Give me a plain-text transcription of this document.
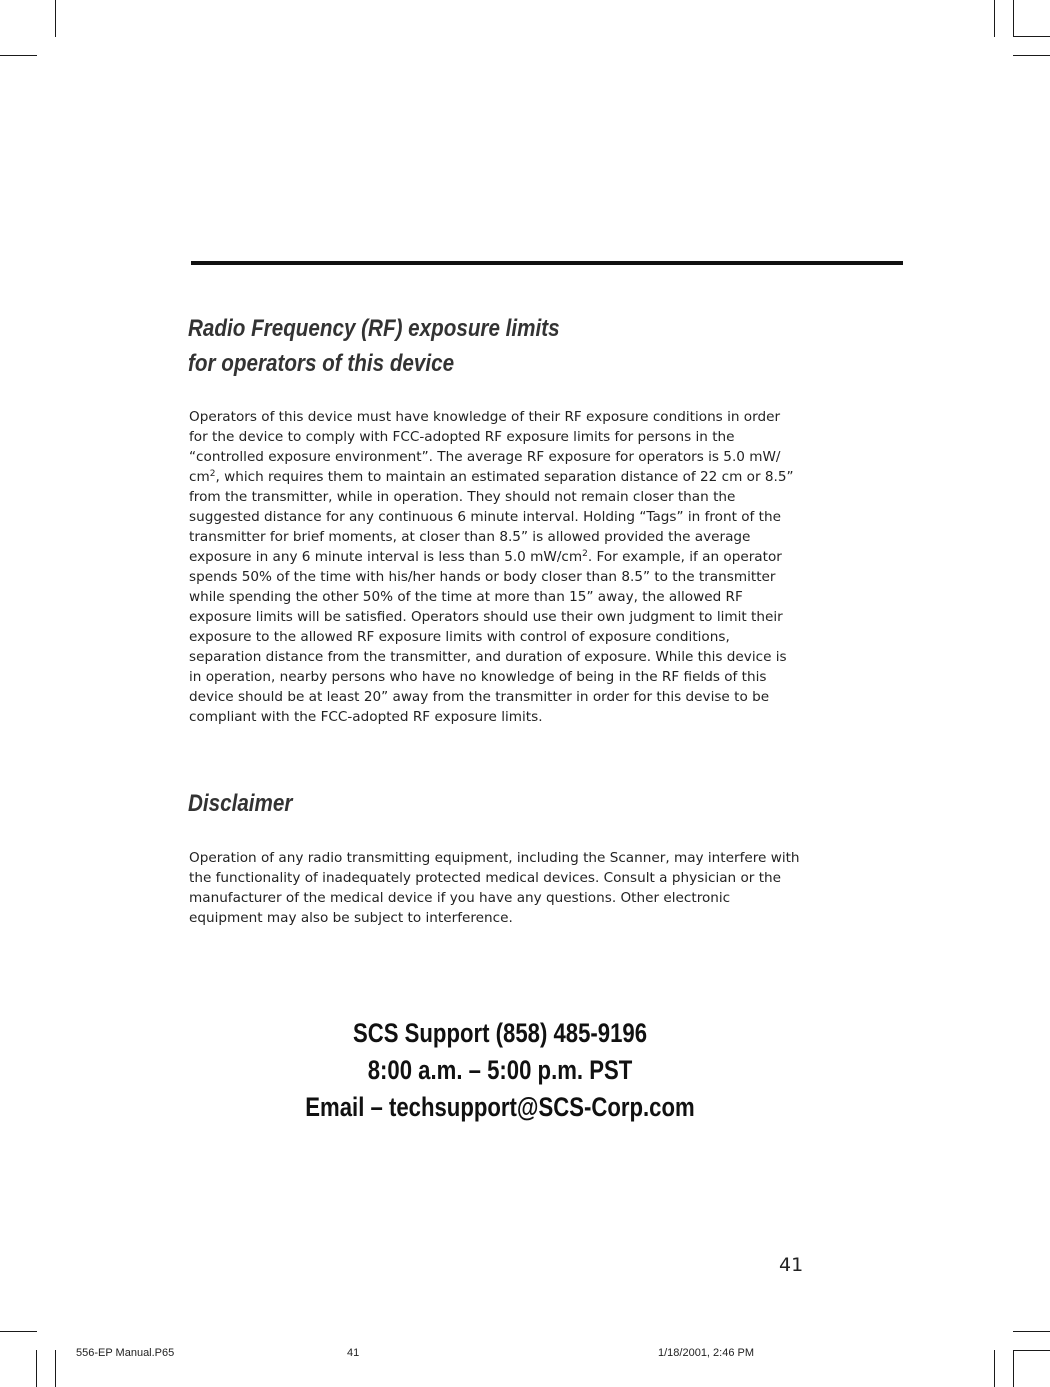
Radio Frequency (RF) exposure limits
for operators of this device
Operators of this device must have knowledge of their RF exposure conditions in order
for the device to comply with FCC-adopted RF exposure limits for persons in the
“controlled exposure environment”. The average RF exposure for operators is 5.0 mW/
$cm^2$, which requires them to maintain an estimated separation distance of 22 cm or 8.5”
from the transmitter, while in operation. They should not remain closer than the
suggested distance for any continuous 6 minute interval. Holding “Tags” in front of the
transmitter for brief moments, at closer than 8.5” is allowed provided the average
exposure in any 6 minute interval is less than 5.0 $mW/cm^2$. For example, if an operator
spends 50% of the time with his/her hands or body closer than 8.5” to the transmitter
while spending the other 50% of the time at more than 15” away, the allowed RF
exposure limits will be satisfied. Operators should use their own judgment to limit their
exposure to the allowed RF exposure limits with control of exposure conditions,
separation distance from the transmitter, and duration of exposure. While this device is
in operation, nearby persons who have no knowledge of being in the RF fields of this
device should be at least 20” away from the transmitter in order for this devise to be
compliant with the FCC-adopted RF exposure limits.
Disclaimer
Operation of any radio transmitting equipment, including the Scanner, may interfere with
the functionality of inadequately protected medical devices. Consult a physician or the
manufacturer of the medical device if you have any questions. Other electronic
equipment may also be subject to interference.
SCS Support (858) 485-9196
8:00 a.m. – 5:00 p.m. PST
Email – techsupport@SCS-Corp.com
41
556-EP Manual.P65	41	1/18/2001, 2:46 PM
